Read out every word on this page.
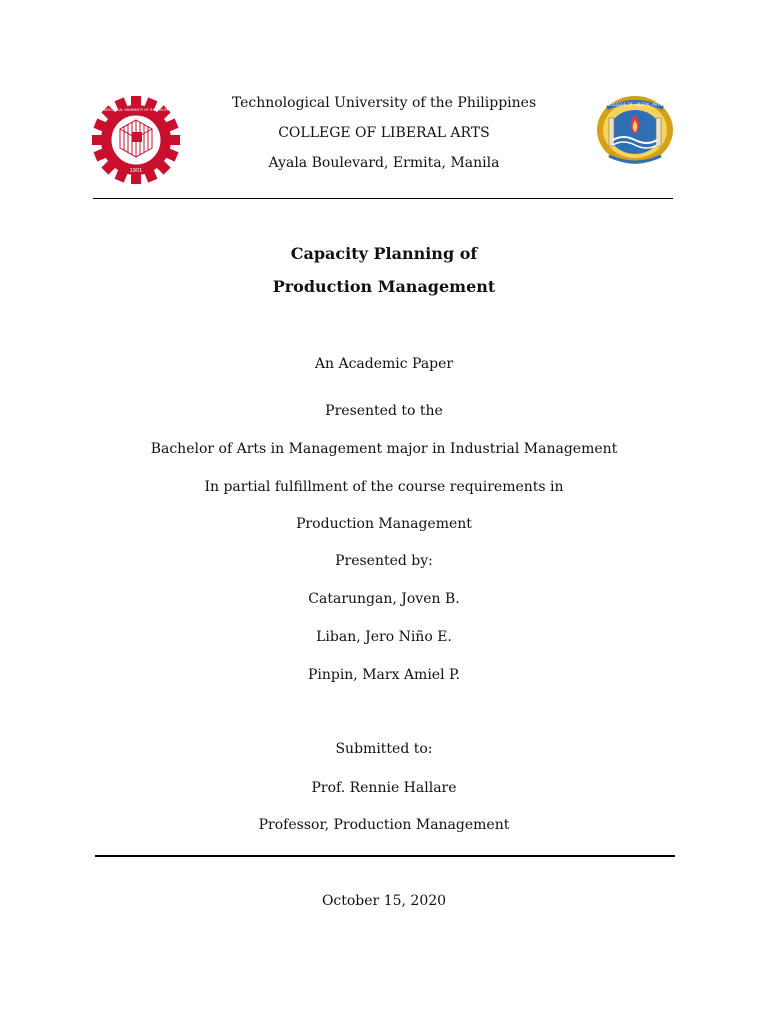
1901
TECHNOLOGICAL UNIVERSITY OF THE PHILIPPINES	Technological University of the Philippines
COLLEGE OF LIBERAL ARTS
Ayala Boulevard, Ermita, Manila
COLLEGE OF LIBERAL ARTS
Capacity Planning of
Production Management
An Academic Paper
Presented to the
Bachelor of Arts in Management major in Industrial Management
In partial fulfillment of the course requirements in
Production Management
Presented by:
Catarungan, Joven B.
Liban, Jero Niño E.
Pinpin, Marx Amiel P.
Submitted to:
Prof. Rennie Hallare
Professor, Production Management
October 15, 2020
